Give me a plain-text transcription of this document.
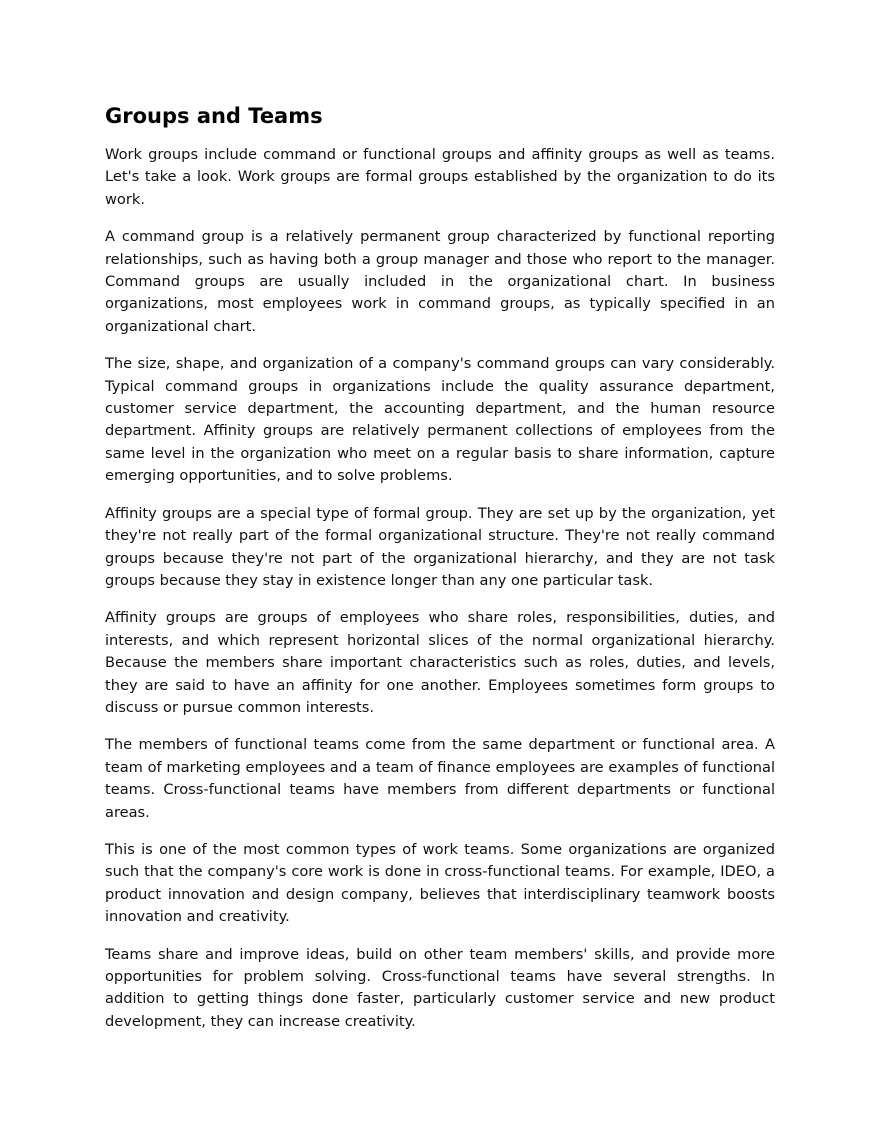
Groups and Teams

Work groups include command or functional groups and affinity groups as well as teams. Let's take a look. Work groups are formal groups established by the organization to do its work.

A command group is a relatively permanent group characterized by functional reporting relationships, such as having both a group manager and those who report to the manager. Command groups are usually included in the organizational chart. In business organizations, most employees work in command groups, as typically specified in an organizational chart.

The size, shape, and organization of a company's command groups can vary considerably. Typical command groups in organizations include the quality assurance department, customer service department, the accounting department, and the human resource department. Affinity groups are relatively permanent collections of employees from the same level in the organization who meet on a regular basis to share information, capture emerging opportunities, and to solve problems.

Affinity groups are a special type of formal group. They are set up by the organization, yet they're not really part of the formal organizational structure. They're not really command groups because they're not part of the organizational hierarchy, and they are not task groups because they stay in existence longer than any one particular task.

Affinity groups are groups of employees who share roles, responsibilities, duties, and interests, and which represent horizontal slices of the normal organizational hierarchy. Because the members share important characteristics such as roles, duties, and levels, they are said to have an affinity for one another. Employees sometimes form groups to discuss or pursue common interests.

The members of functional teams come from the same department or functional area. A team of marketing employees and a team of finance employees are examples of functional teams. Cross-functional teams have members from different departments or functional areas.

This is one of the most common types of work teams. Some organizations are organized such that the company's core work is done in cross-functional teams. For example, IDEO, a product innovation and design company, believes that interdisciplinary teamwork boosts innovation and creativity.

Teams share and improve ideas, build on other team members' skills, and provide more opportunities for problem solving. Cross-functional teams have several strengths. In addition to getting things done faster, particularly customer service and new product development, they can increase creativity.
